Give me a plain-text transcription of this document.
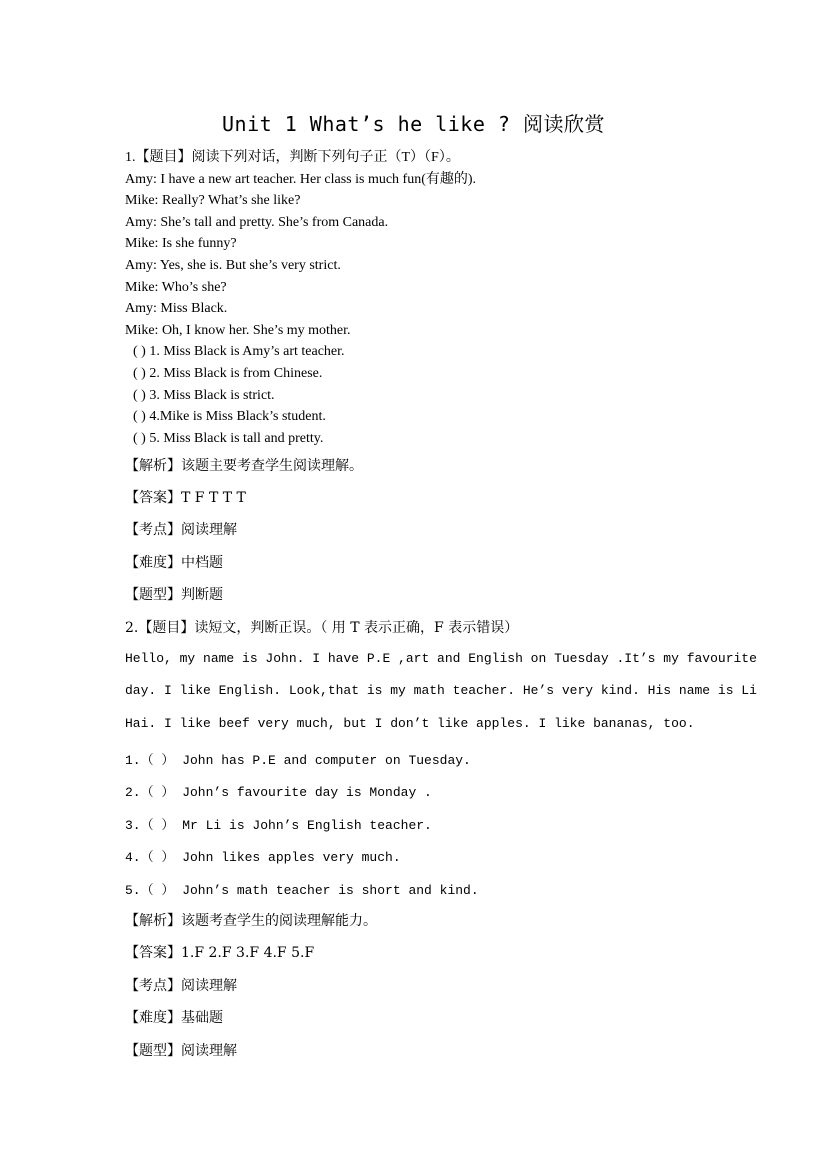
Unit 1 What’s he like ? 阅读欣赏
1.【题目】阅读下列对话，判断下列句子正（T）（F）。
Amy: I have a new art teacher. Her class is much fun(有趣的).
Mike: Really? What’s she like?
Amy: She’s tall and pretty. She’s from Canada.
Mike: Is she funny?
Amy: Yes, she is. But she’s very strict.
Mike: Who’s she?
Amy: Miss Black.
Mike: Oh, I know her. She’s my mother.
( ) 1. Miss Black is Amy’s art teacher.
( ) 2. Miss Black is from Chinese.
( ) 3. Miss Black is strict.
( ) 4.Mike is Miss Black’s student.
( ) 5. Miss Black is tall and pretty.
【解析】该题主要考查学生阅读理解。
【答案】T F T T T
【考点】阅读理解
【难度】中档题
【题型】判断题
2.【题目】读短文，判断正误。（ 用 T 表示正确，F 表示错误）
Hello, my name is John. I have P.E ,art and English on Tuesday .It’s my favourite
day. I like English. Look,that is my math teacher. He’s very kind. His name is Li
Hai. I like beef very much, but I don’t like apples. I like bananas, too.
1.（ ） John has P.E and computer on Tuesday.
2.（ ） John’s favourite day is Monday .
3.（ ） Mr Li is John’s English teacher.
4.（ ） John likes apples very much.
5.（ ） John’s math teacher is short and kind.
【解析】该题考查学生的阅读理解能力。
【答案】1.F 2.F 3.F 4.F 5.F
【考点】阅读理解
【难度】基础题
【题型】阅读理解
